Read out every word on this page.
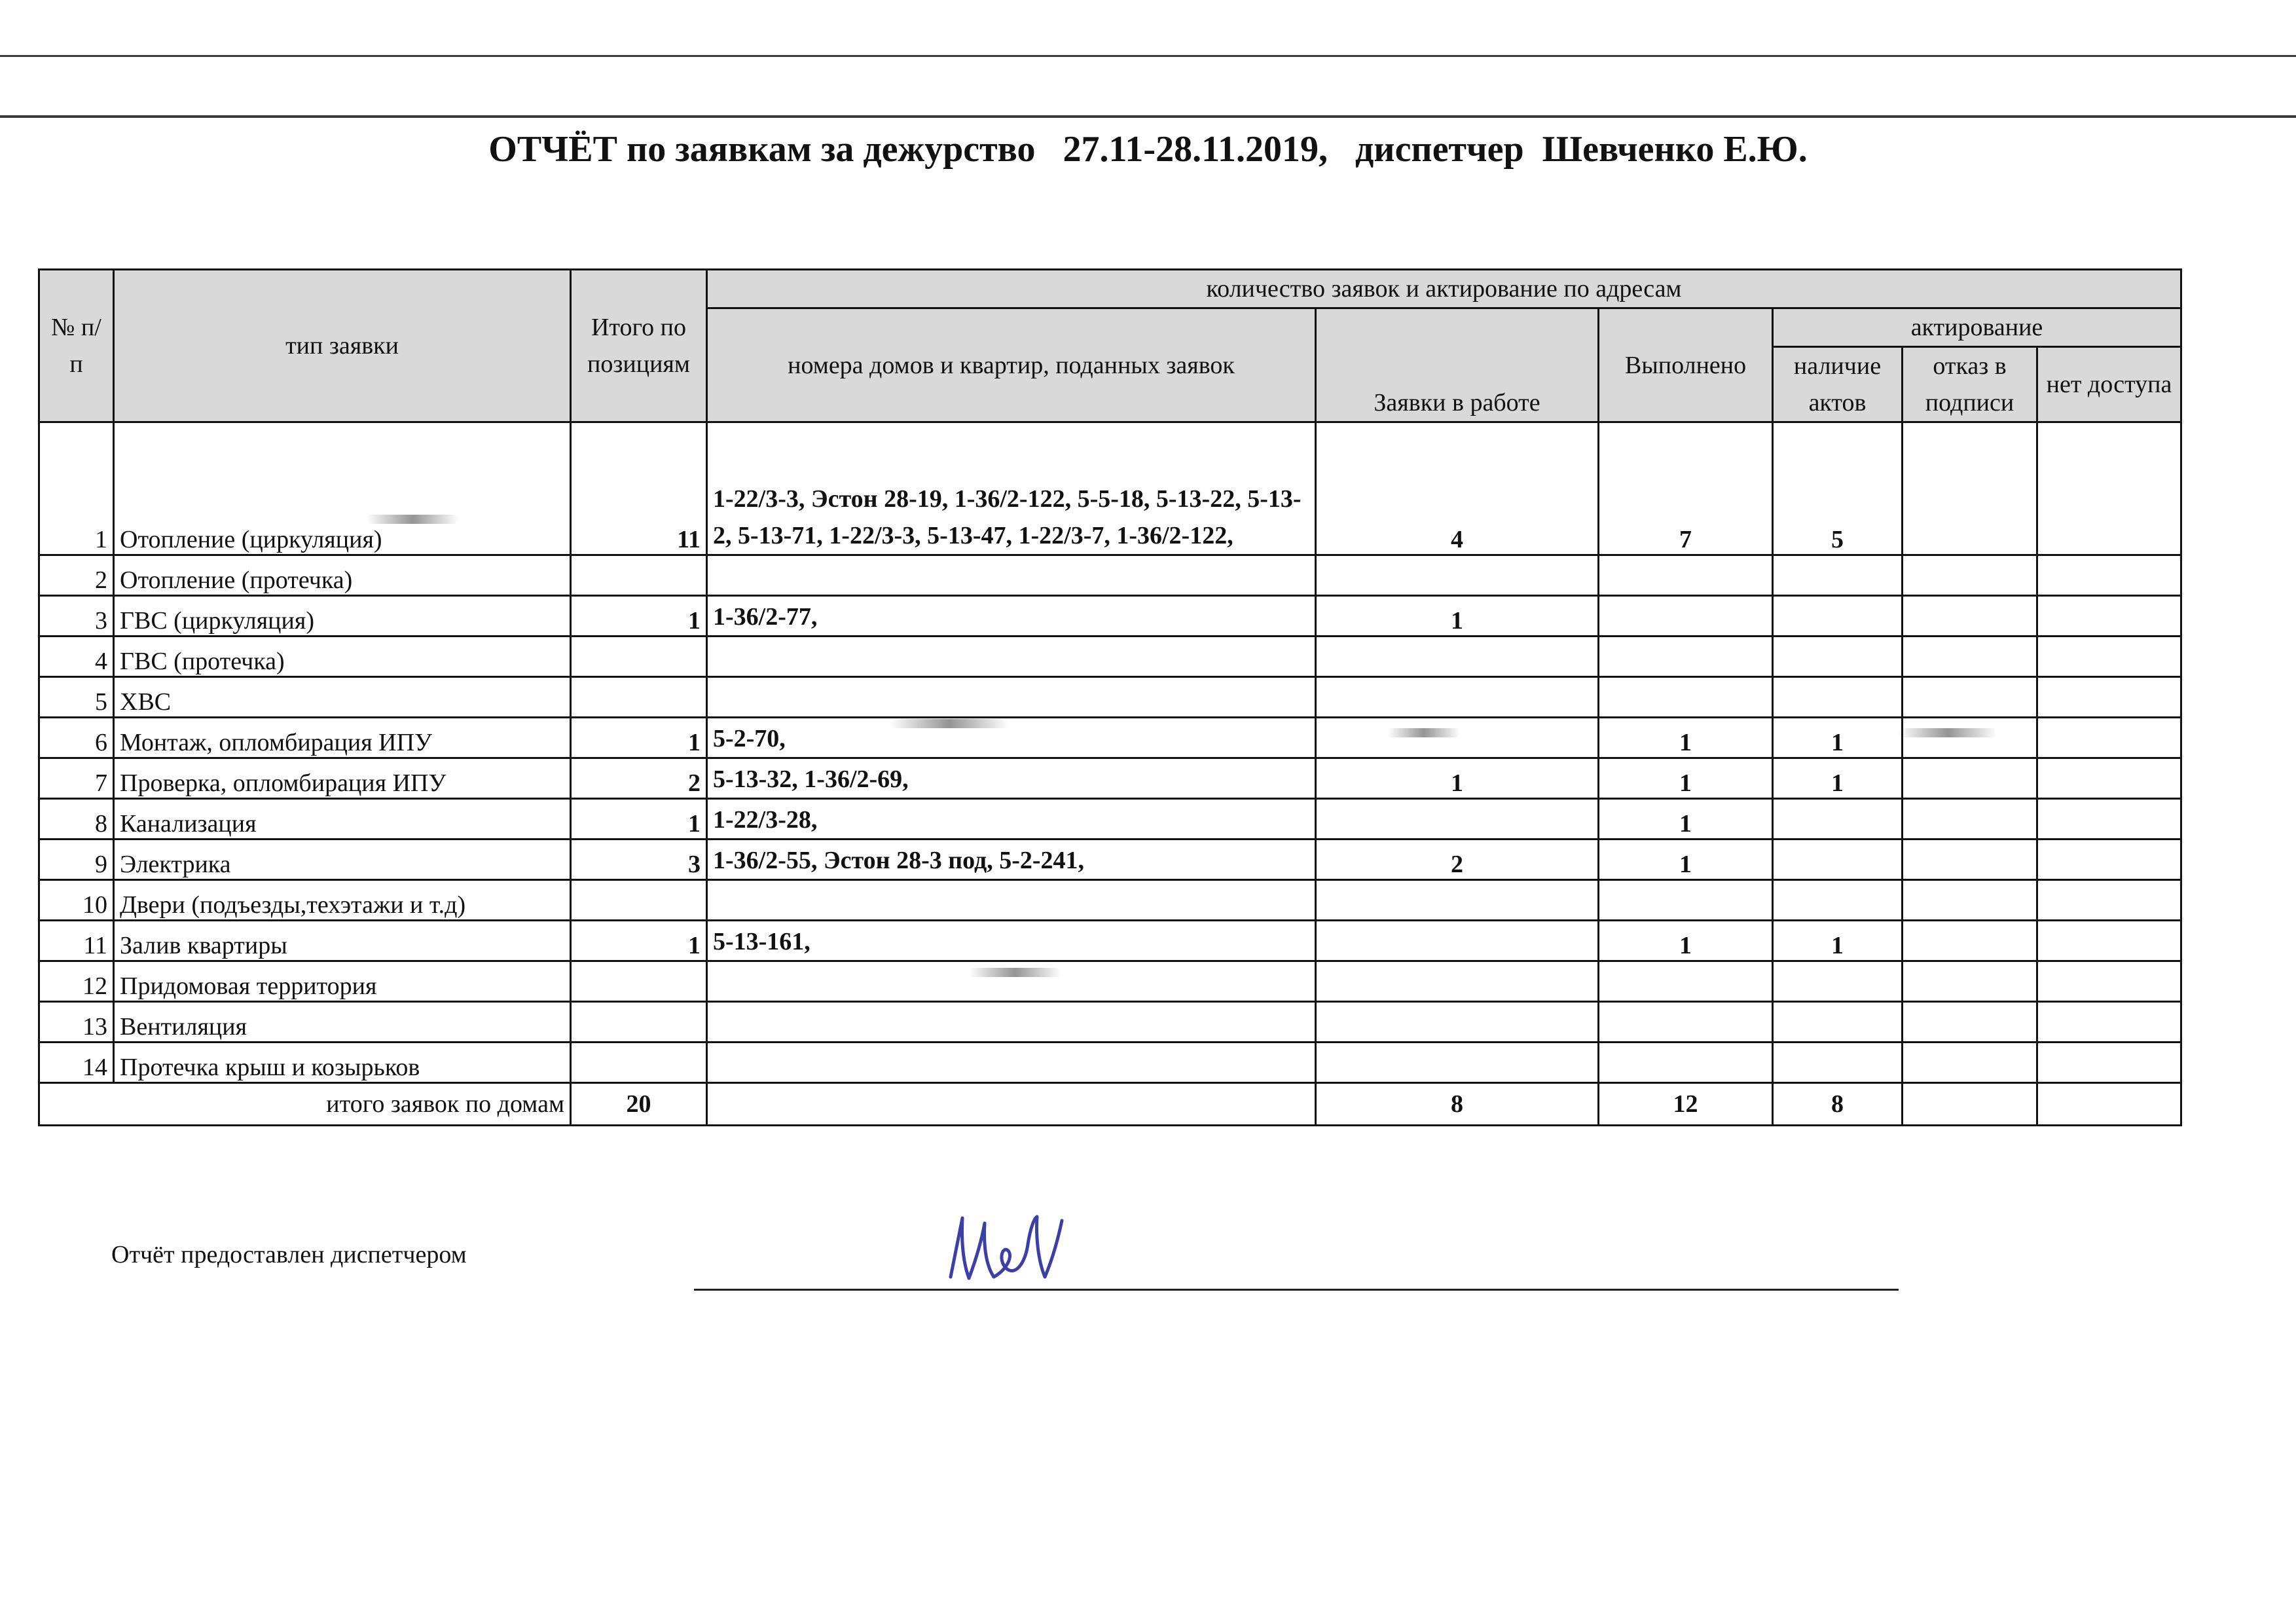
ОТЧЁТ по заявкам за дежурство   27.11-28.11.2019,   диспетчер  Шевченко Е.Ю.
№ п/п	тип заявки	Итого по позициям	количество заявок и актирование по адресам					
			номера домов и квартир, поданных заявок	Заявки в работе	Выполнено	актирование		
						наличие актов	отказ в подписи	нет доступа
1	Отопление (циркуляция)	11	1-22/3-3, Эстон 28-19, 1-36/2-122, 5-5-18, 5-13-22, 5-13-2, 5-13-71, 1-22/3-3, 5-13-47, 1-22/3-7, 1-36/2-122,	4	7	5		
2	Отопление (протечка)							
3	ГВС (циркуляция)	1	1-36/2-77,	1				
4	ГВС (протечка)							
5	ХВС							
6	Монтаж, опломбирация ИПУ	1	5-2-70,		1	1		
7	Проверка, опломбирация ИПУ	2	5-13-32, 1-36/2-69,	1	1	1		
8	Канализация	1	1-22/3-28,		1			
9	Электрика	3	1-36/2-55, Эстон 28-3 под, 5-2-241,	2	1			
10	Двери (подъезды,техэтажи и т.д)							
11	Залив квартиры	1	5-13-161,		1	1		
12	Придомовая территория							
13	Вентиляция							
14	Протечка крыш и козырьков							
итого заявок по домам		20		8	12	8		
Отчёт предоставлен диспетчером
